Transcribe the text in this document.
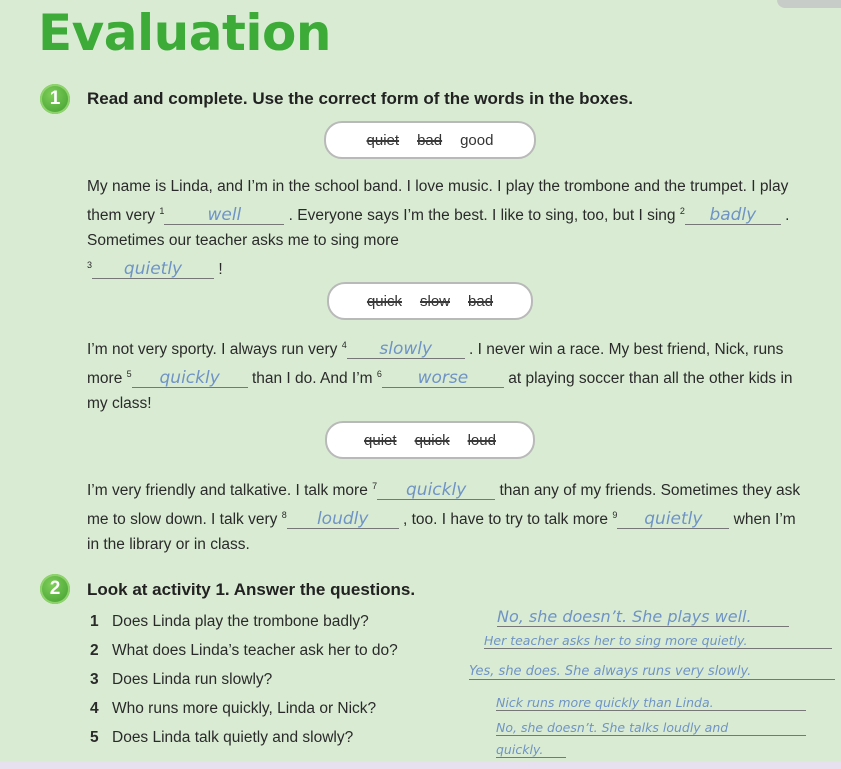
Evaluation
1	Read and complete. Use the correct form of the words in the boxes.

quiet bad good

My name is Linda, and I’m in the school band. I love music. I play the trombone and the trumpet. I play them very $^1$	well	. Everyone says I’m the best. I like to sing, too, but I sing $^2$ badly . Sometimes our teacher asks me to sing more
$^3$ quietly !

quick slow bad

I’m not very sporty. I always run very $^4$ slowly . I never win a race. My best friend, Nick, runs more $^5$ quickly than I do. And I’m $^6$ worse at playing soccer than all the other kids in my class!

quiet quick loud

I’m very friendly and talkative. I talk more $^7$ quickly than any of my friends. Sometimes they ask me to slow down. I talk very $^8$ loudly , too. I have to try to talk more $^9$ quietly when I’m in the library or in class.

2	Look at activity 1. Answer the questions.

1 Does Linda play the trombone badly?
2 What does Linda’s teacher ask her to do?
3 Does Linda run slowly?
4 Who runs more quickly, Linda or Nick?
5 Does Linda talk quietly and slowly?

No, she doesn’t. She plays well.

Her teacher asks her to sing more quietly.

Yes, she does. She always runs very slowly.

Nick runs more quickly than Linda.

No, she doesn’t. She talks loudly and

quickly.
